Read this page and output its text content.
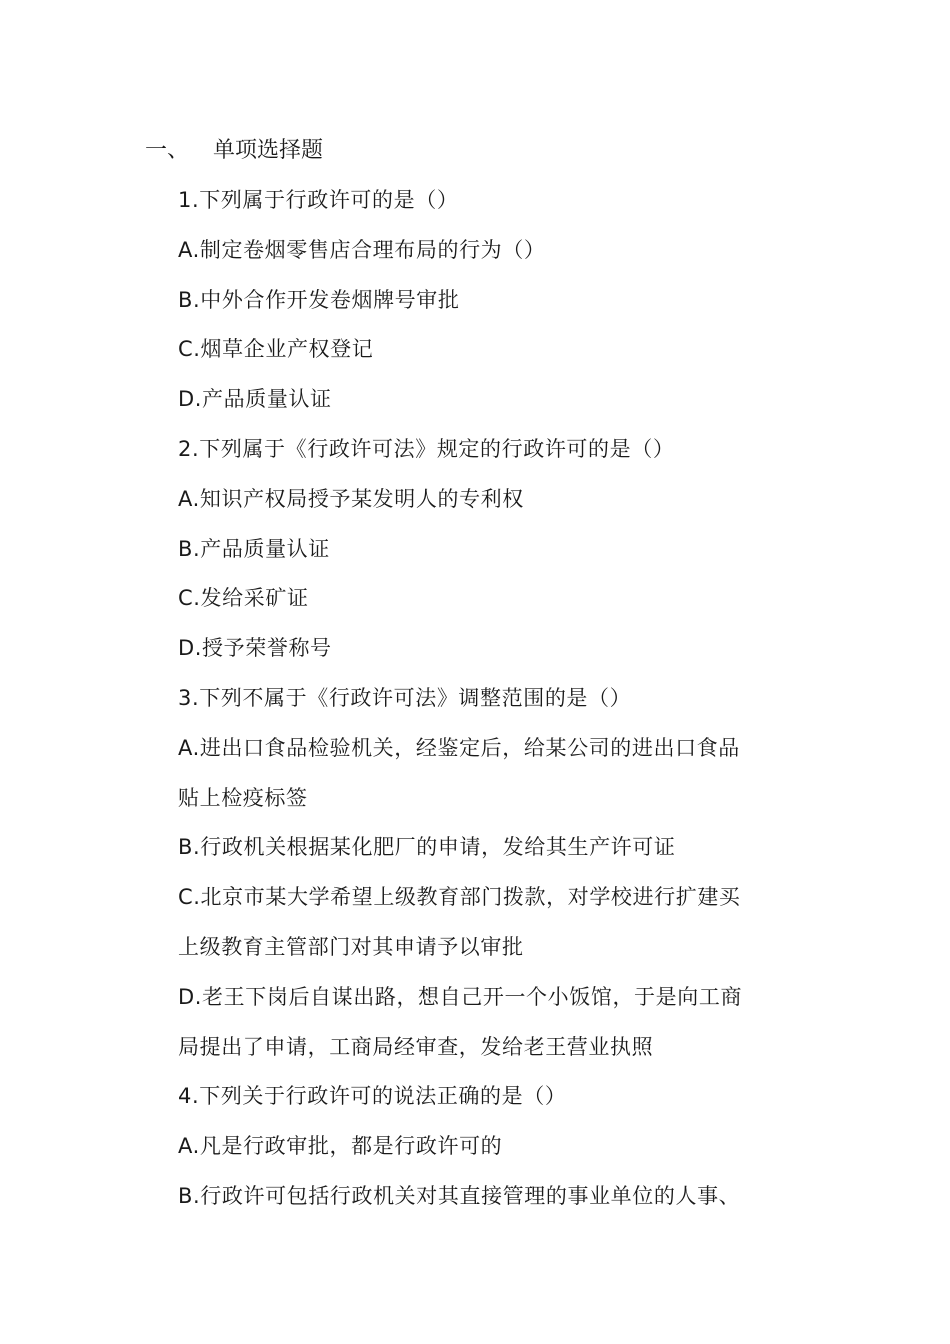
一、 单项选择题
1.下列属于行政许可的是（）
A.制定卷烟零售店合理布局的行为（）
B.中外合作开发卷烟牌号审批
C.烟草企业产权登记
D.产品质量认证
2.下列属于《行政许可法》规定的行政许可的是（）
A.知识产权局授予某发明人的专利权
B.产品质量认证
C.发给采矿证
D.授予荣誉称号
3.下列不属于《行政许可法》调整范围的是（）
A.进出口食品检验机关，经鉴定后，给某公司的进出口食品
贴上检疫标签
B.行政机关根据某化肥厂的申请，发给其生产许可证
C.北京市某大学希望上级教育部门拨款，对学校进行扩建买
上级教育主管部门对其申请予以审批
D.老王下岗后自谋出路，想自己开一个小饭馆，于是向工商
局提出了申请，工商局经审查，发给老王营业执照
4.下列关于行政许可的说法正确的是（）
A.凡是行政审批，都是行政许可的
B.行政许可包括行政机关对其直接管理的事业单位的人事、
